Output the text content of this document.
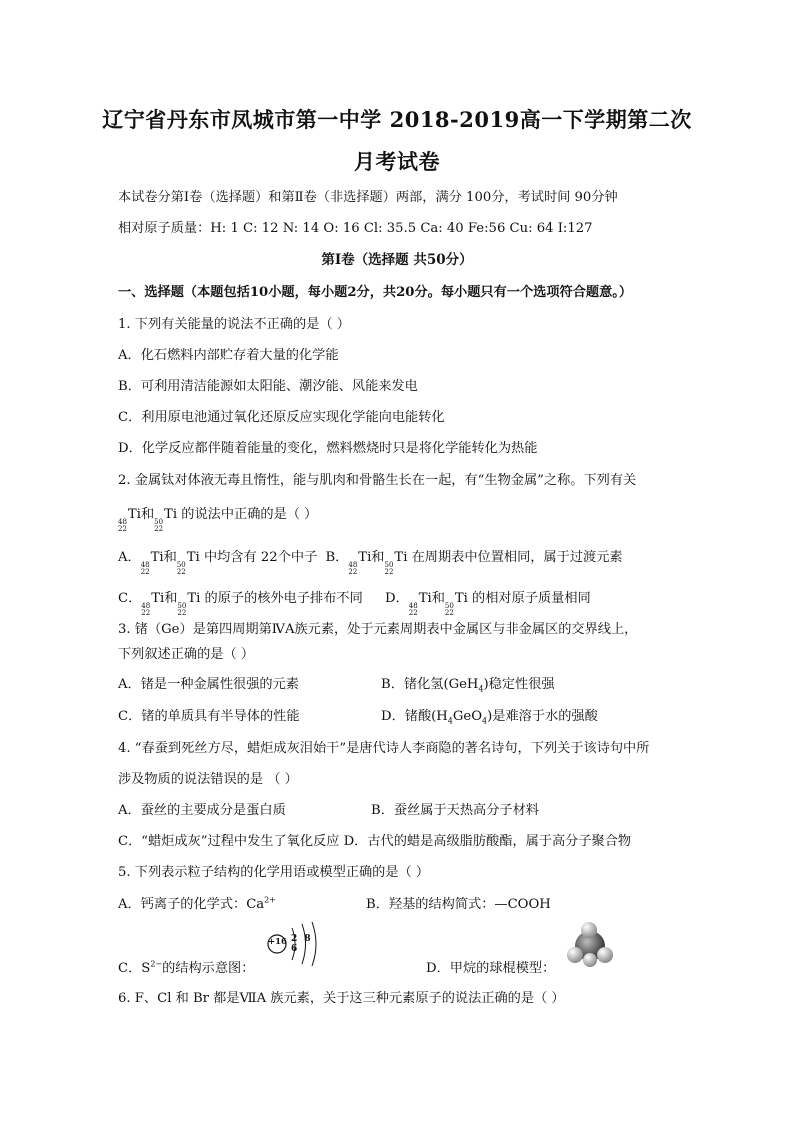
辽宁省丹东市凤城市第一中学 2018-2019高一下学期第二次
月考试卷
本试卷分第Ⅰ卷（选择题）和第Ⅱ卷（非选择题）两部，满分 100分，考试时间 90分钟
相对原子质量：H: 1 C: 12 N: 14 O: 16 Cl: 35.5 Ca: 40 Fe:56 Cu: 64 I:127
第Ⅰ卷（选择题 共50分）
一、选择题（本题包括10小题，每小题2分，共20分。每小题只有一个选项符合题意。）
1. 下列有关能量的说法不正确的是（ ）
A．化石燃料内部贮存着大量的化学能
B．可利用清洁能源如太阳能、潮汐能、风能来发电
C．利用原电池通过氧化还原反应实现化学能向电能转化
D．化学反应都伴随着能量的变化，燃料燃烧时只是将化学能转化为热能
2. 金属钛对体液无毒且惰性，能与肌肉和骨骼生长在一起，有“生物金属”之称。下列有关
48
22
Ti和 50
22
Ti 的说法中正确的是（ ）
A． 48
22
Ti和 50
22
Ti 中均含有 22个中子 B． 48
22
Ti和 50
22
Ti 在周期表中位置相同，属于过渡元素
C． 48
22
Ti和 50
22
Ti 的原子的核外电子排布不同 D． 48
22
Ti和 50
22
Ti 的相对原子质量相同
3. 锗（Ge）是第四周期第ⅣA族元素，处于元素周期表中金属区与非金属区的交界线上，
下列叙述正确的是（ ）
A．锗是一种金属性很强的元素	B．锗化氢(GeH$_4$)稳定性很强
C．锗的单质具有半导体的性能	D．锗酸$(H_4GeO_4)$是难溶于水的强酸
4. “春蚕到死丝方尽，蜡炬成灰泪始干”是唐代诗人李商隐的著名诗句，下列关于该诗句中所
涉及物质的说法错误的是 （ ）
A．蚕丝的主要成分是蛋白质	B．蚕丝属于天热高分子材料
C．“蜡炬成灰”过程中发生了氧化反应 D．古代的蜡是高级脂肪酸酯，属于高分子聚合物
5. 下列表示粒子结构的化学用语或模型正确的是（ ）
A．钙离子的化学式：$Ca^{2+}$	B．羟基的结构简式：—COOH
C．$S^{2-}$的结构示意图：
+16 2 8 6
D．甲烷的球棍模型：
6. F、Cl 和 Br 都是ⅦA 族元素，关于这三种元素原子的说法正确的是（ ）
